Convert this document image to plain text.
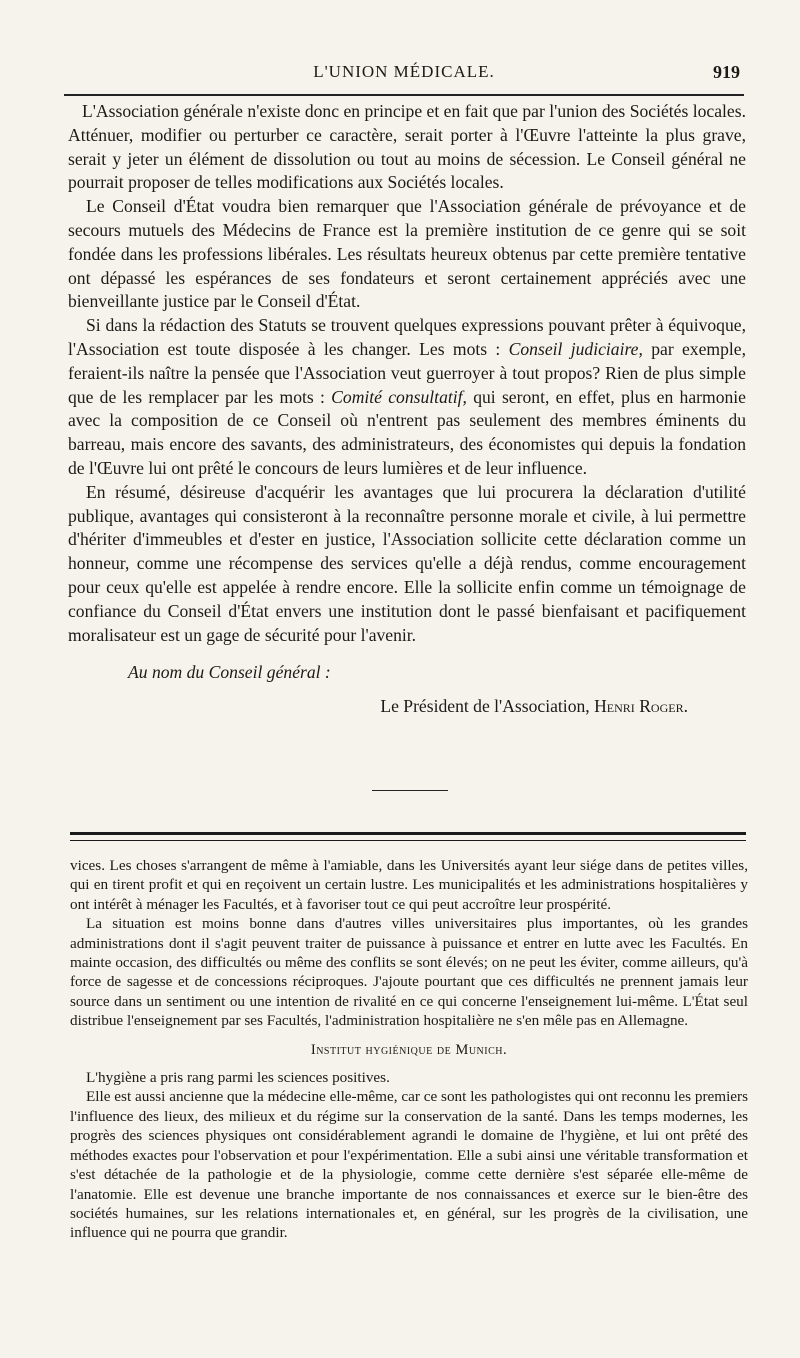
L'UNION MÉDICALE.	919

L'Association générale n'existe donc en principe et en fait que par l'union des Sociétés locales. Atténuer, modifier ou perturber ce caractère, serait porter à l'Œuvre l'atteinte la plus grave, serait y jeter un élément de dissolution ou tout au moins de sécession. Le Conseil général ne pourrait proposer de telles modifications aux Sociétés locales.

Le Conseil d'État voudra bien remarquer que l'Association générale de prévoyance et de secours mutuels des Médecins de France est la première institution de ce genre qui se soit fondée dans les professions libérales. Les résultats heureux obtenus par cette première tentative ont dépassé les espérances de ses fondateurs et seront certainement appréciés avec une bienveillante justice par le Conseil d'État.

Si dans la rédaction des Statuts se trouvent quelques expressions pouvant prêter à équivoque, l'Association est toute disposée à les changer. Les mots : Conseil judiciaire, par exemple, feraient-ils naître la pensée que l'Association veut guerroyer à tout propos? Rien de plus simple que de les remplacer par les mots : Comité consultatif, qui seront, en effet, plus en harmonie avec la composition de ce Conseil où n'entrent pas seulement des membres éminents du barreau, mais encore des savants, des administrateurs, des économistes qui depuis la fondation de l'Œuvre lui ont prêté le concours de leurs lumières et de leur influence.

En résumé, désireuse d'acquérir les avantages que lui procurera la déclaration d'utilité publique, avantages qui consisteront à la reconnaître personne morale et civile, à lui permettre d'hériter d'immeubles et d'ester en justice, l'Association sollicite cette déclaration comme un honneur, comme une récompense des services qu'elle a déjà rendus, comme encouragement pour ceux qu'elle est appelée à rendre encore. Elle la sollicite enfin comme un témoignage de confiance du Conseil d'État envers une institution dont le passé bienfaisant et pacifiquement moralisateur est un gage de sécurité pour l'avenir.

Au nom du Conseil général :

Le Président de l'Association, Henri Roger.

vices. Les choses s'arrangent de même à l'amiable, dans les Universités ayant leur siége dans de petites villes, qui en tirent profit et qui en reçoivent un certain lustre. Les municipalités et les administrations hospitalières y ont intérêt à ménager les Facultés, et à favoriser tout ce qui peut accroître leur prospérité.

La situation est moins bonne dans d'autres villes universitaires plus importantes, où les grandes administrations dont il s'agit peuvent traiter de puissance à puissance et entrer en lutte avec les Facultés. En mainte occasion, des difficultés ou même des conflits se sont élevés; on ne peut les éviter, comme ailleurs, qu'à force de sagesse et de concessions réciproques. J'ajoute pourtant que ces difficultés ne prennent jamais leur source dans un sentiment ou une intention de rivalité en ce qui concerne l'enseignement lui-même. L'État seul distribue l'enseignement par ses Facultés, l'administration hospitalière ne s'en mêle pas en Allemagne.

Institut hygiénique de Munich.

L'hygiène a pris rang parmi les sciences positives.

Elle est aussi ancienne que la médecine elle-même, car ce sont les pathologistes qui ont reconnu les premiers l'influence des lieux, des milieux et du régime sur la conservation de la santé. Dans les temps modernes, les progrès des sciences physiques ont considérablement agrandi le domaine de l'hygiène, et lui ont prêté des méthodes exactes pour l'observation et pour l'expérimentation. Elle a subi ainsi une véritable transformation et s'est détachée de la pathologie et de la physiologie, comme cette dernière s'est séparée elle-même de l'anatomie. Elle est devenue une branche importante de nos connaissances et exerce sur le bien-être des sociétés humaines, sur les relations internationales et, en général, sur les progrès de la civilisation, une influence qui ne pourra que grandir.
